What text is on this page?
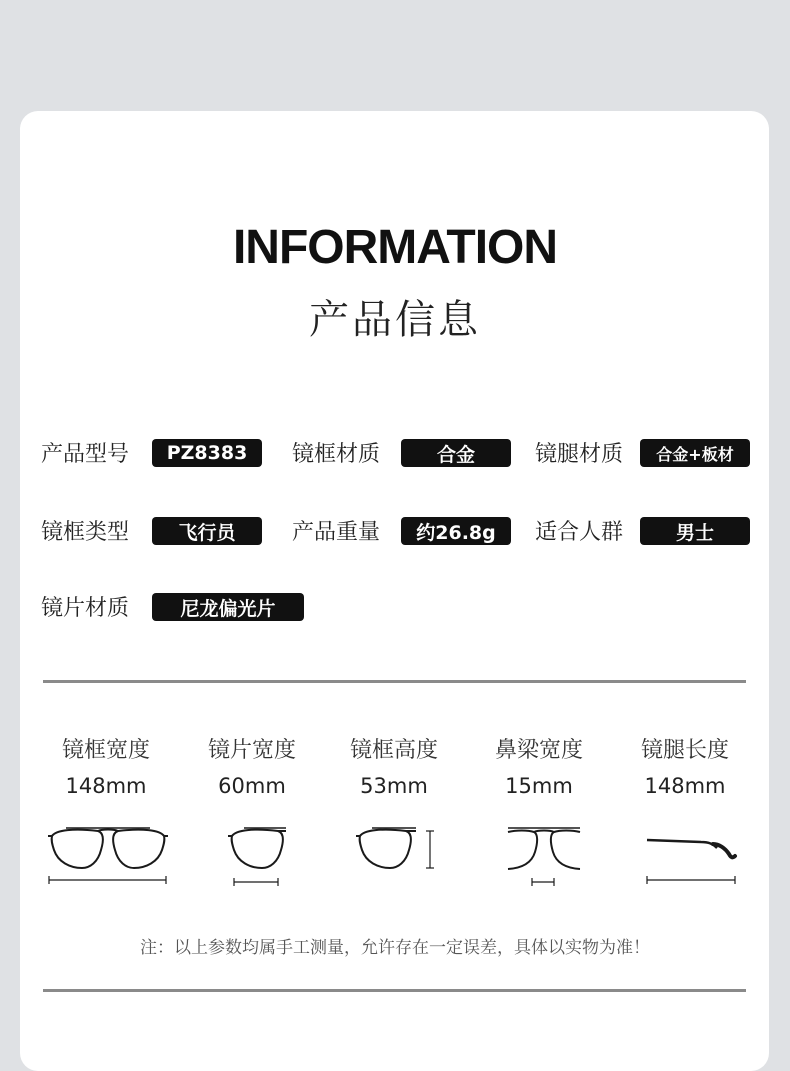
INFORMATION
产品信息
产品型号	PZ8383	镜框材质	合金	镜腿材质	合金+板材
镜框类型	飞行员	产品重量	约26.8g	适合人群	男士
镜片材质	尼龙偏光片
镜框宽度
148mm
镜片宽度
60mm
镜框高度
53mm
鼻梁宽度
15mm
镜腿长度
148mm
注：以上参数均属手工测量，允许存在一定误差，具体以实物为准！
